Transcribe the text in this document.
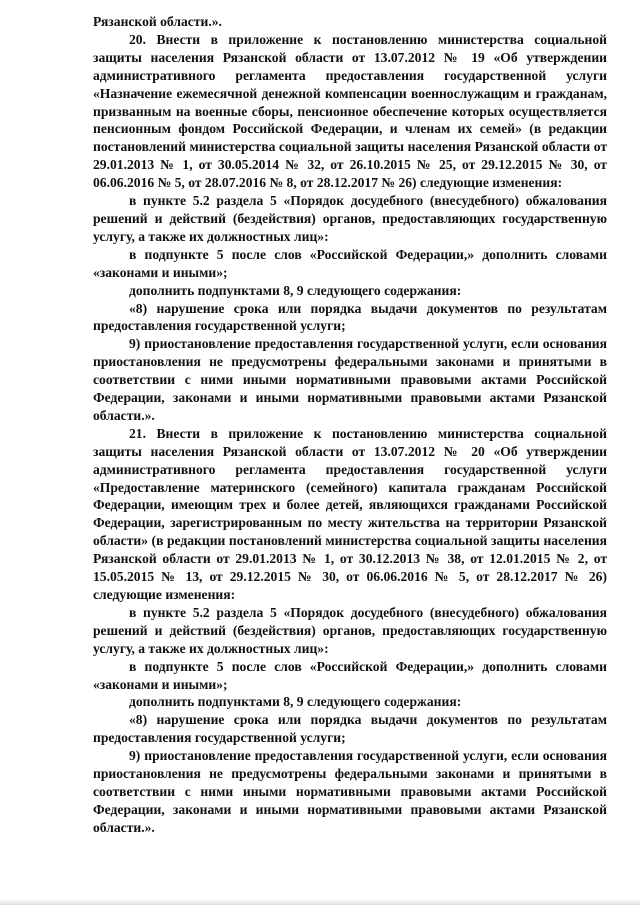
Рязанской области.».

20. Внести в приложение к постановлению министерства социальной защиты населения Рязанской области от 13.07.2012 № 19 «Об утверждении административного регламента предоставления государственной услуги «Назначение ежемесячной денежной компенсации военнослужащим и гражданам, призванным на военные сборы, пенсионное обеспечение которых осуществляется пенсионным фондом Российской Федерации, и членам их семей» (в редакции постановлений министерства социальной защиты населения Рязанской области от 29.01.2013 № 1, от 30.05.2014 № 32, от 26.10.2015 № 25, от 29.12.2015 № 30, от 06.06.2016 № 5, от 28.07.2016 № 8, от 28.12.2017 № 26) следующие изменения:

в пункте 5.2 раздела 5 «Порядок досудебного (внесудебного) обжалования решений и действий (бездействия) органов, предоставляющих государственную услугу, а также их должностных лиц»:

в подпункте 5 после слов «Российской Федерации,» дополнить словами «законами и иными»;

дополнить подпунктами 8, 9 следующего содержания:

«8) нарушение срока или порядка выдачи документов по результатам предоставления государственной услуги;

9) приостановление предоставления государственной услуги, если основания приостановления не предусмотрены федеральными законами и принятыми в соответствии с ними иными нормативными правовыми актами Российской Федерации, законами и иными нормативными правовыми актами Рязанской области.».

21. Внести в приложение к постановлению министерства социальной защиты населения Рязанской области от 13.07.2012 № 20 «Об утверждении административного регламента предоставления государственной услуги «Предоставление материнского (семейного) капитала гражданам Российской Федерации, имеющим трех и более детей, являющихся гражданами Российской Федерации, зарегистрированным по месту жительства на территории Рязанской области» (в редакции постановлений министерства социальной защиты населения Рязанской области от 29.01.2013 № 1, от 30.12.2013 № 38, от 12.01.2015 № 2, от 15.05.2015 № 13, от 29.12.2015 № 30, от 06.06.2016 № 5, от 28.12.2017 № 26) следующие изменения:

в пункте 5.2 раздела 5 «Порядок досудебного (внесудебного) обжалования решений и действий (бездействия) органов, предоставляющих государственную услугу, а также их должностных лиц»:

в подпункте 5 после слов «Российской Федерации,» дополнить словами «законами и иными»;

дополнить подпунктами 8, 9 следующего содержания:

«8) нарушение срока или порядка выдачи документов по результатам предоставления государственной услуги;

9) приостановление предоставления государственной услуги, если основания приостановления не предусмотрены федеральными законами и принятыми в соответствии с ними иными нормативными правовыми актами Российской Федерации, законами и иными нормативными правовыми актами Рязанской области.».
